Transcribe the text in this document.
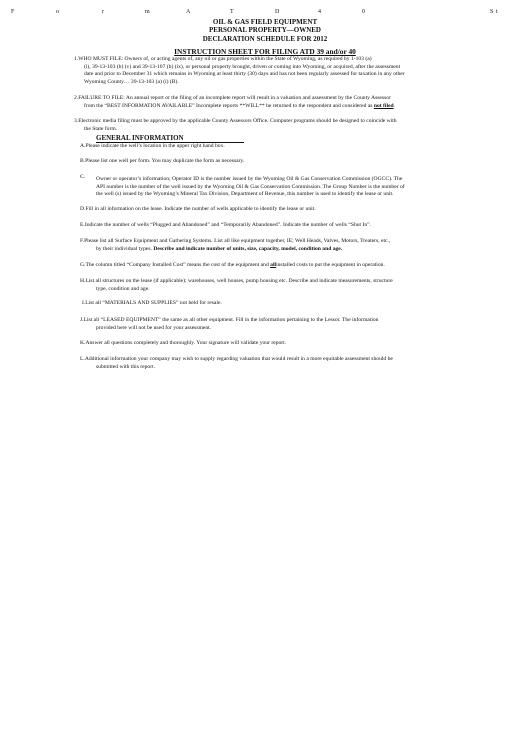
F	o	r	m	A	T	D	4	0	S t
OIL & GAS FIELD EQUIPMENT
PERSONAL PROPERTY—OWNED
DECLARATION SCHEDULE FOR 2012
INSTRUCTION SHEET FOR FILING ATD 39 and/or 40
1.WHO MUST FILE: Owners of, or acting agents of, any oil or gas properties within the State of Wyoming, as required by 1-103 (a)
(i), 39-13-103 (b) (v) and 39-13-107 (b) (ix), or personal property brought, driven or coming into Wyoming, or acquired, after the assessment
date and prior to December 31 which remains in Wyoming at least thirty (30) days and has not been regularly assessed for taxation in any other
Wyoming County… 39-13-103 (a) (i) (B).
2.FAILURE TO FILE: An annual report or the filing of an incomplete report will result in a valuation and assessment by the County Assessor
from the “BEST INFORMATION AVAILABLE” Incomplete reports **WILL** be returned to the respondent and considered as not filed.
3.Electronic media filing must be approved by the applicable County Assessors Office. Computer programs should be designed to coincide with
the State form.
GENERAL INFORMATION
A.Please indicate the well’s location in the upper right hand box.
B.Please list one well per form. You may duplicate the form as necessary.
C. Owner or operator’s information; Operator ID is the number issued by the Wyoming Oil & Gas Conservation Commission (OGCC). The
API number is the number of the well issued by the Wyoming Oil & Gas Conservation Commission. The Group Number is the number of
the well (s) issued by the Wyoming’s Mineral Tax Division, Department of Revenue, this number is used to identify the lease or unit.
D.Fill in all information on the lease. Indicate the number of wells applicable to identify the lease or unit.
E.Indicate the number of wells “Plugged and Abandoned” and “Temporarily Abandoned”. Indicate the number of wells “Shut In”.
F.Please list all Surface Equipment and Gathering Systems. List all like equipment together, IE; Well Heads, Valves, Motors, Treaters, etc.,
by their individual types. Describe and indicate number of units, size, capacity, model, condition and age.
G.The column titled “Company Installed Cost” means the cost of the equipment and allinstalled costs to put the equipment in operation.
H.List all structures on the lease (if applicable); warehouses, well houses, pump housing etc. Describe and indicate measurements, structure
type, condition and age.
I.List all “MATERIALS AND SUPPLIES” not held for resale.
J.List all “LEASED EQUIPMENT” the same as all other equipment. Fill in the information pertaining to the Lessor. The information
provided here will not be used for your assessment.
K.Answer all questions completely and thoroughly. Your signature will validate your report.
L.Additional information your company may wish to supply regarding valuation that would result in a more equitable assessment should be
submitted with this report.
